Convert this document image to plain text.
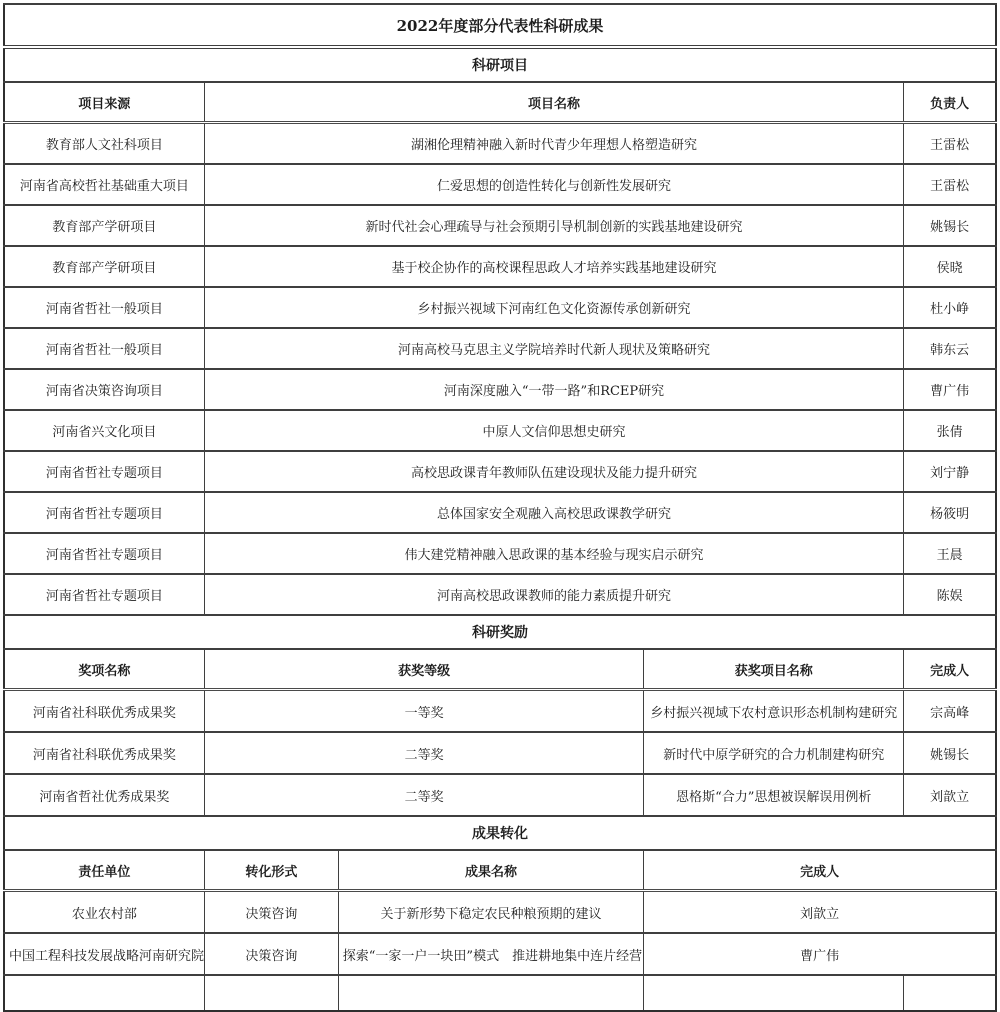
2022年度部分代表性科研成果				
科研项目				
项目来源	项目名称			负责人
教育部人文社科项目	湖湘伦理精神融入新时代青少年理想人格塑造研究			王雷松
河南省高校哲社基础重大项目	仁爱思想的创造性转化与创新性发展研究			王雷松
教育部产学研项目	新时代社会心理疏导与社会预期引导机制创新的实践基地建设研究			姚锡长
教育部产学研项目	基于校企协作的高校课程思政人才培养实践基地建设研究			侯晓
河南省哲社一般项目	乡村振兴视域下河南红色文化资源传承创新研究			杜小峥
河南省哲社一般项目	河南高校马克思主义学院培养时代新人现状及策略研究			韩东云
河南省决策咨询项目	河南深度融入“一带一路”和RCEP研究			曹广伟
河南省兴文化项目	中原人文信仰思想史研究			张倩
河南省哲社专题项目	高校思政课青年教师队伍建设现状及能力提升研究			刘宁静
河南省哲社专题项目	总体国家安全观融入高校思政课教学研究			杨筱明
河南省哲社专题项目	伟大建党精神融入思政课的基本经验与现实启示研究			王晨
河南省哲社专题项目	河南高校思政课教师的能力素质提升研究			陈娱
科研奖励				
奖项名称	获奖等级		获奖项目名称	完成人
河南省社科联优秀成果奖	一等奖		乡村振兴视域下农村意识形态机制构建研究	宗高峰
河南省社科联优秀成果奖	二等奖		新时代中原学研究的合力机制建构研究	姚锡长
河南省哲社优秀成果奖	二等奖		恩格斯“合力”思想被误解误用例析	刘歆立
成果转化				
责任单位	转化形式	成果名称	完成人	
农业农村部	决策咨询	关于新形势下稳定农民种粮预期的建议	刘歆立	
中国工程科技发展战略河南研究院	决策咨询	探索“一家一户一块田”模式　推进耕地集中连片经营	曹广伟	
